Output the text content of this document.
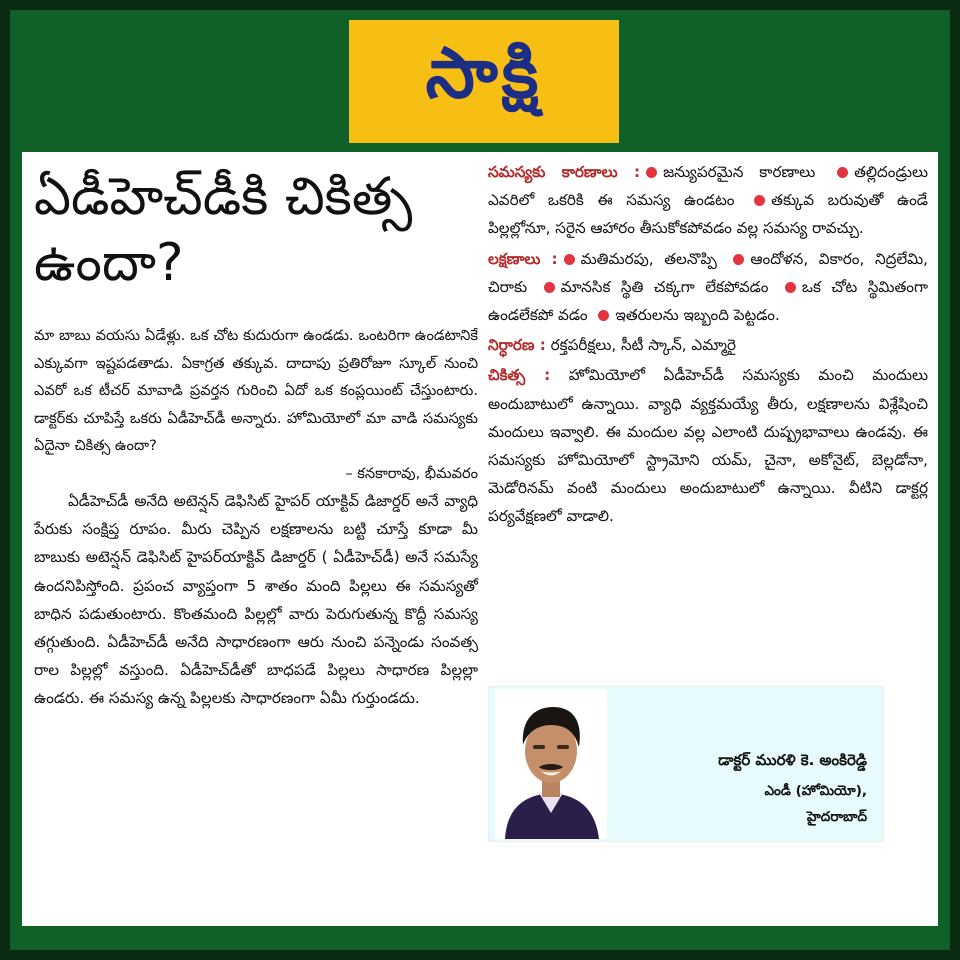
సాక్షి
ఏడీహెచ్‌డీకి చికిత్స ఉందా?

మా బాబు వయసు ఏడేళ్లు. ఒక చోట కుదురుగా ఉండడు. ఒంటరిగా ఉండటానికే ఎక్కువగా ఇష్టపడతాడు. ఏకాగ్రత తక్కువ. దాదాపు ప్రతిరోజూ స్కూల్ నుంచి ఎవరో ఒక టీచర్ మావాడి ప్రవర్తన గురించి ఏదో ఒక కంప్లయింట్ చేస్తుంటారు. డాక్టర్‌కు చూపిస్తే ఒకరు ఏడీహెచ్‌డీ అన్నారు. హోమియోలో మా వాడి సమస్యకు ఏదైనా చికిత్స ఉందా?

– కనకారావు, భీమవరం

ఏడీహెచ్‌డీ అనేది అటెన్షన్ డెఫిసిట్ హైపర్ యాక్టివ్ డిజార్డర్ అనే వ్యాధి పేరుకు సంక్షిప్త రూపం. మీరు చెప్పిన లక్షణాలను బట్టి చూస్తే కూడా మీ బాబుకు అటెన్షన్ డెఫిసిట్ హైపర్‌యాక్టివ్ డిజార్డర్ ( ఏడీహెచ్‌డీ) అనే సమస్యే ఉందనిపిస్తోంది. ప్రపంచ వ్యాప్తంగా 5 శాతం మంది పిల్లలు ఈ సమస్యతో బాధిన పడుతుంటారు. కొంతమంది పిల్లల్లో వారు పెరుగుతున్న కొద్దీ సమస్య తగ్గుతుంది. ఏడీహెచ్‌డీ అనేది సాధారణంగా ఆరు నుంచి పన్నెండు సంవత్స రాల పిల్లల్లో వస్తుంది. ఏడీహెచ్‌డీతో బాధపడే పిల్లలు సాధారణ పిల్లల్లా ఉండరు. ఈ సమస్య ఉన్న పిల్లలకు సాధారణంగా ఏమీ గుర్తుండదు.

సమస్యకు కారణాలు : జన్యుపరమైన కారణాలు	తల్లిదండ్రులు ఎవరిలో ఒకరికి ఈ సమస్య ఉండటం తక్కువ బరువుతో ఉండే పిల్లల్లోనూ, సరైన ఆహారం తీసుకోకపోవడం వల్ల సమస్య రావచ్చు.

లక్షణాలు : మతిమరపు, తలనొప్పి ఆందోళన, వికారం, నిద్రలేమి, చిరాకు మానసిక స్థితి చక్కగా లేకపోవడం ఒక చోట స్థిమితంగా ఉండలేకపో వడం ఇతరులను ఇబ్బంది పెట్టడం.

నిర్ధారణ : రక్తపరీక్షలు, సీటీ స్కాన్, ఎమ్మారై

చికిత్స : హోమియోలో ఏడీహెచ్‌డీ సమస్యకు మంచి మందులు అందుబాటులో ఉన్నాయి. వ్యాధి వ్యక్తమయ్యే తీరు, లక్షణాలను విశ్లేషించి మందులు ఇవ్వాలి. ఈ మందుల వల్ల ఎలాంటి దుష్ప్రభావాలు ఉండవు. ఈ సమస్యకు హోమియోలో స్ట్రామోని యమ్, చైనా, అకోనైట్, బెల్లడోనా, మెడోరినమ్ వంటి మందులు అందుబాటులో ఉన్నాయి. వీటిని డాక్టర్ల పర్యవేక్షణలో వాడాలి.

డాక్టర్ మురళి కె. అంకిరెడ్డి
ఎండీ (హోమియో),
హైదరాబాద్
